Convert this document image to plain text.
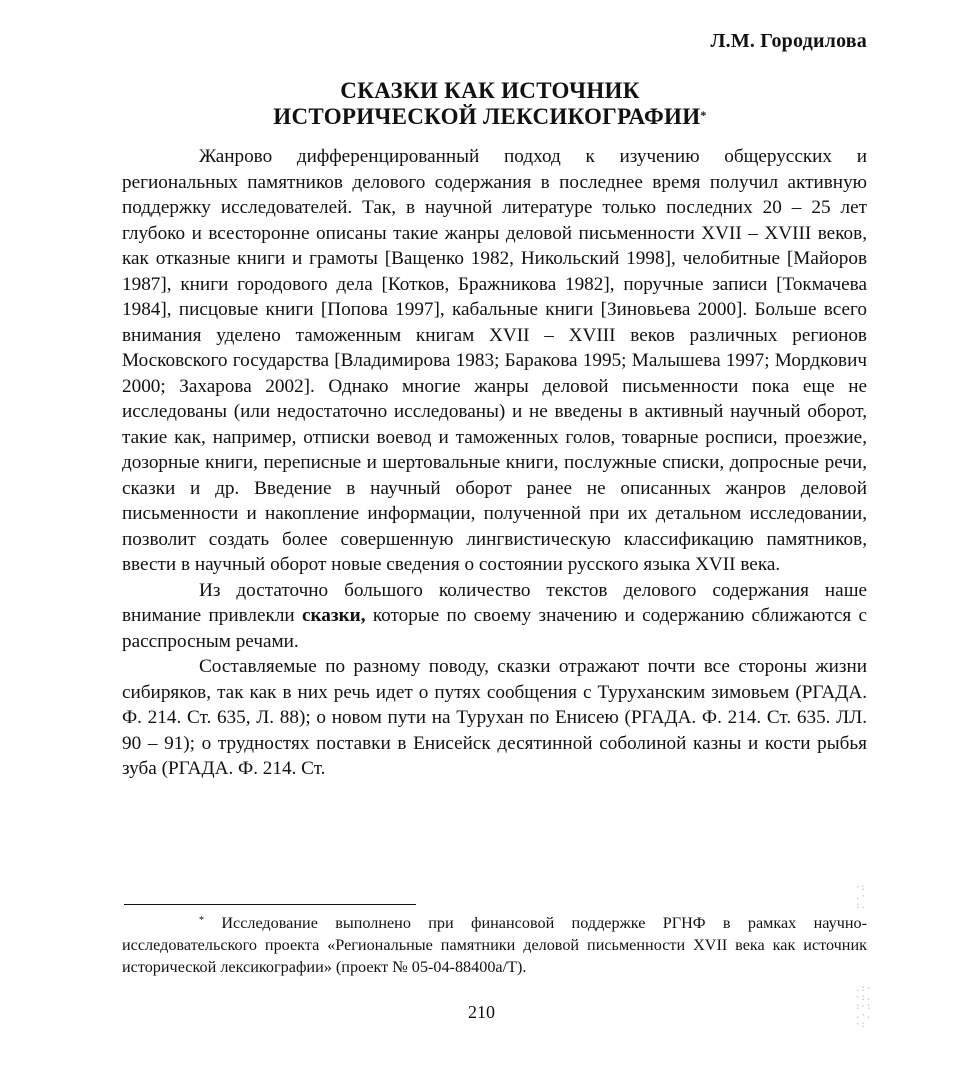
Л.М. Городилова
СКАЗКИ КАК ИСТОЧНИК
ИСТОРИЧЕСКОЙ ЛЕКСИКОГРАФИИ*

Жанрово дифференцированный подход к изучению общерусских и региональных памятников делового содержания в последнее время получил активную поддержку исследователей. Так, в научной литературе только последних 20 – 25 лет глубоко и всесторонне описаны такие жанры деловой письменности XVII – XVIII веков, как отказные книги и грамоты [Ващенко 1982, Никольский 1998], челобитные [Майоров 1987], книги городового дела [Котков, Бражникова 1982], поручные записи [Токмачева 1984], писцовые книги [Попова 1997], кабальные книги [Зиновьева 2000]. Больше всего внимания уделено таможенным книгам XVII – XVIII веков различных регионов Московского государства [Владимирова 1983; Баракова 1995; Малышева 1997; Мордкович 2000; Захарова 2002]. Однако многие жанры деловой письменности пока еще не исследованы (или недостаточно исследованы) и не введены в активный научный оборот, такие как, например, отписки воевод и таможенных голов, товарные росписи, проезжие, дозорные книги, переписные и шертовальные книги, послужные списки, допросные речи, сказки и др. Введение в научный оборот ранее не описанных жанров деловой письменности и накопление информации, полученной при их детальном исследовании, позволит создать более совершенную лингвистическую классификацию памятников, ввести в научный оборот новые сведения о состоянии русского языка XVII века.

Из достаточно большого количество текстов делового содержания наше внимание привлекли сказки, которые по своему значению и содержанию сближаются с расспросным речами.

Составляемые по разному поводу, сказки отражают почти все стороны жизни сибиряков, так как в них речь идет о путях сообщения с Туруханским зимовьем (РГАДА. Ф. 214. Ст. 635, Л. 88); о новом пути на Турухан по Енисею (РГАДА. Ф. 214. Ст. 635. ЛЛ. 90 – 91); о трудностях поставки в Енисейск десятинной соболиной казны и кости рыбья зуба (РГАДА. Ф. 214. Ст.

* Исследование выполнено при финансовой поддержке РГНФ в рамках научно-исследовательского проекта «Региональные памятники деловой письменности XVII века как источник исторической лексикографии» (проект № 05-04-88400а/Т).
210
·:
.·
:.
.:·
·:.
:·:
.·.
·:
